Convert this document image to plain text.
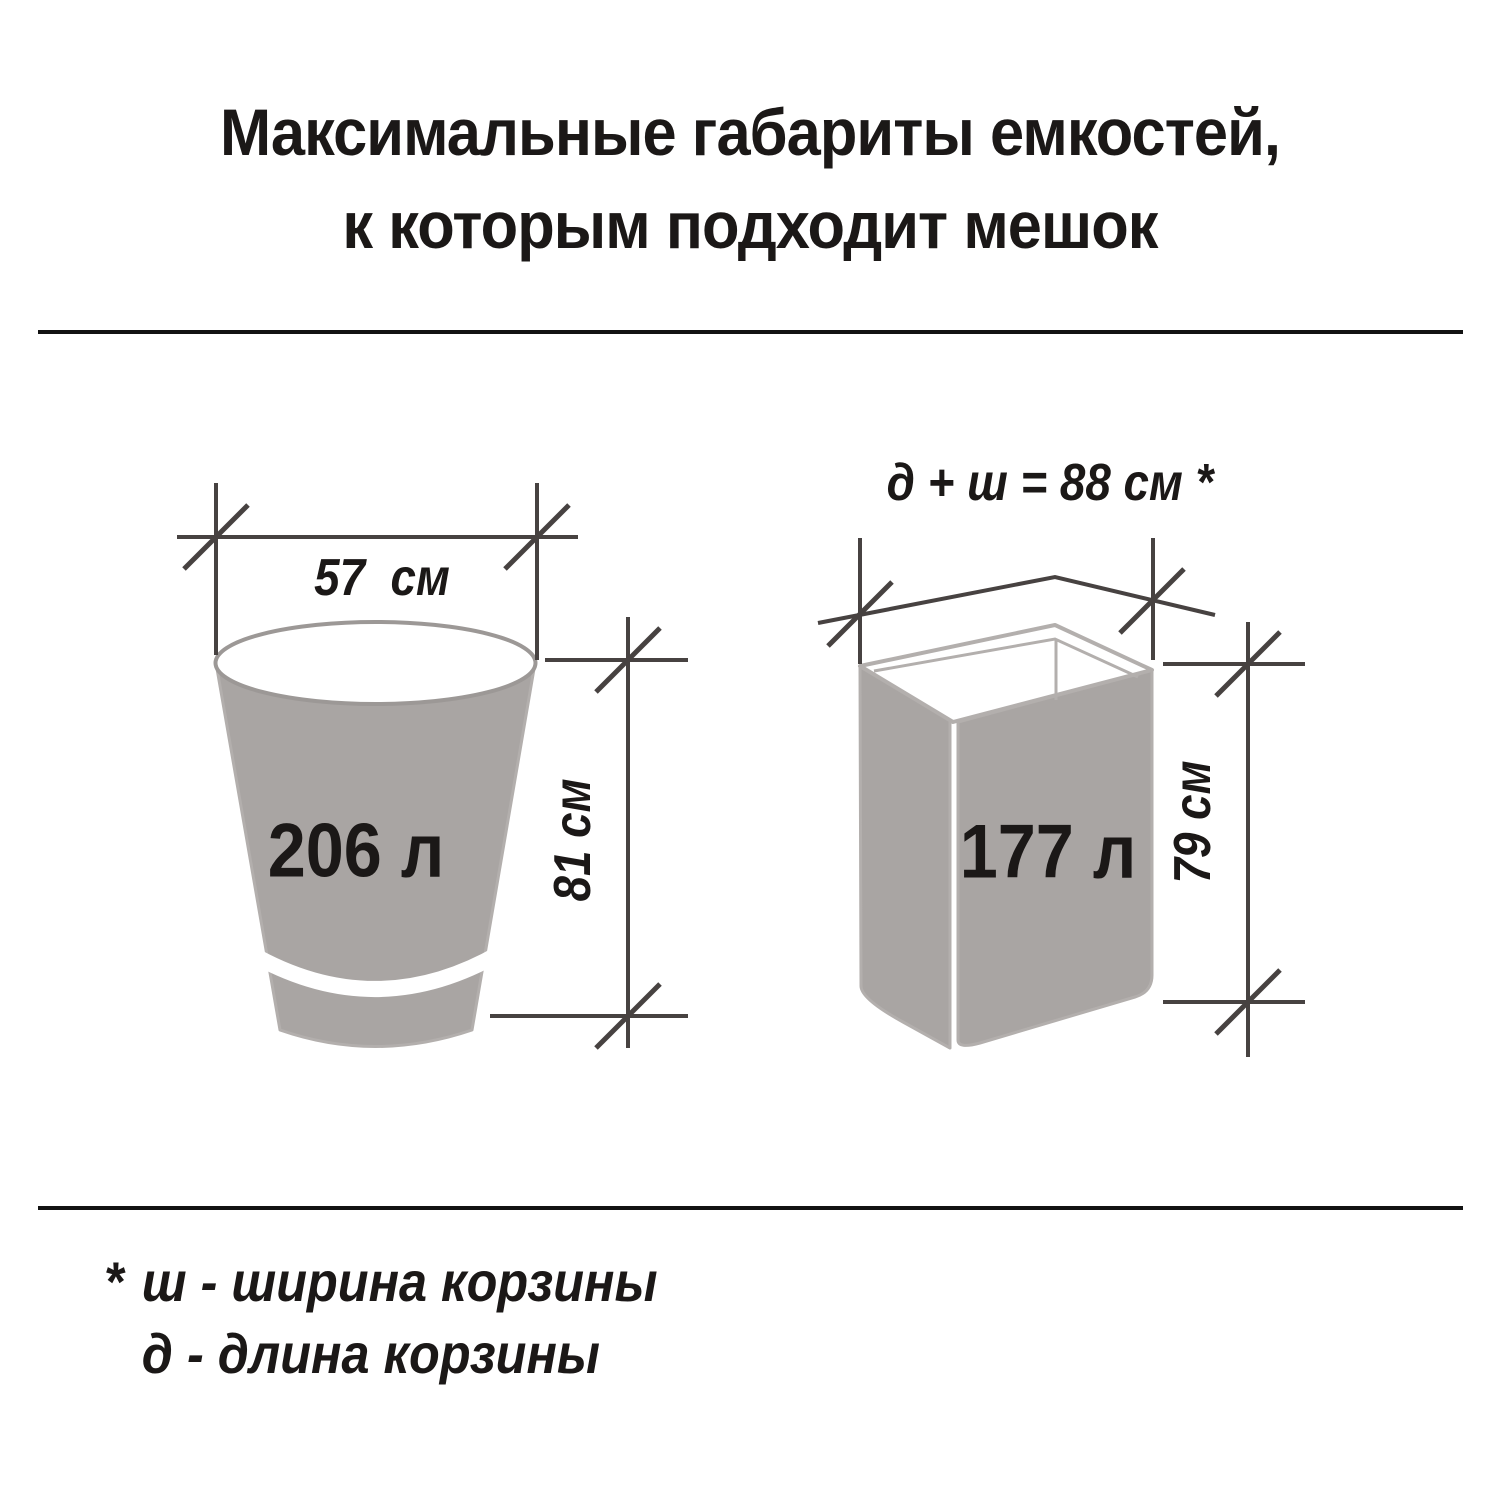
Максимальные габариты емкостей,
к которым подходит мешок
57  см
81 см
206 л
д + ш = 88 см *
79 см
177 л
* ш - ширина корзины
д - длина корзины
